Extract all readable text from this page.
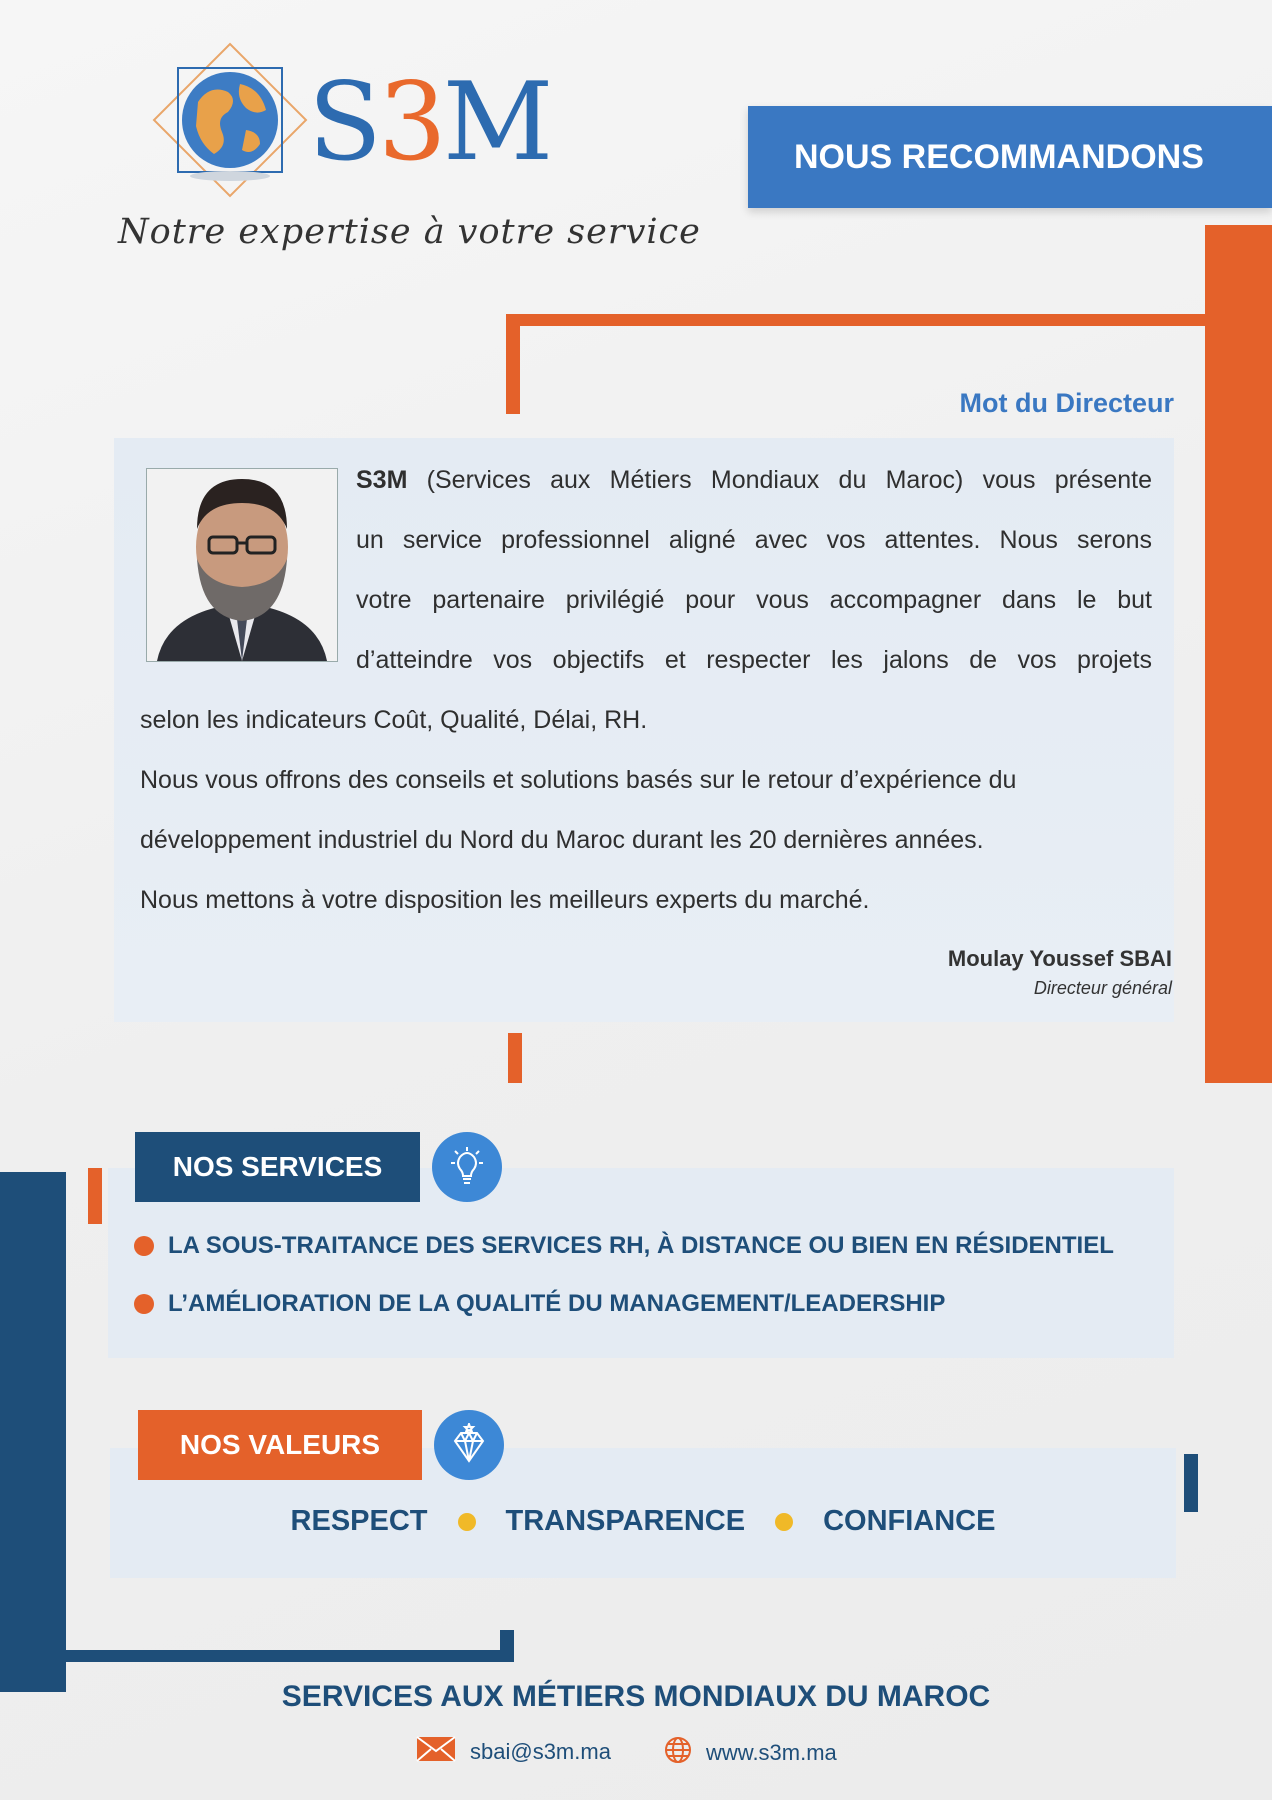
S3M
Notre expertise à votre service
NOUS RECOMMANDONS
Mot du Directeur
S3M (Services aux Métiers Mondiaux du Maroc) vous présente
un service professionnel aligné avec vos attentes. Nous serons
votre partenaire privilégié pour vous accompagner dans le but
d’atteindre vos objectifs et respecter les jalons de vos projets
selon les indicateurs Coût, Qualité, Délai, RH.
Nous vous offrons des conseils et solutions basés sur le retour d’expérience du
développement industriel du Nord du Maroc durant les 20 dernières années.
Nous mettons à votre disposition les meilleurs experts du marché.
Moulay Youssef SBAI
Directeur général
NOS SERVICES
LA SOUS-TRAITANCE DES SERVICES RH, À DISTANCE OU BIEN EN RÉSIDENTIEL
L’AMÉLIORATION DE LA QUALITÉ DU MANAGEMENT/LEADERSHIP
NOS VALEURS
RESPECT	TRANSPARENCE	CONFIANCE
SERVICES AUX MÉTIERS MONDIAUX DU MAROC
sbai@s3m.ma	www.s3m.ma
